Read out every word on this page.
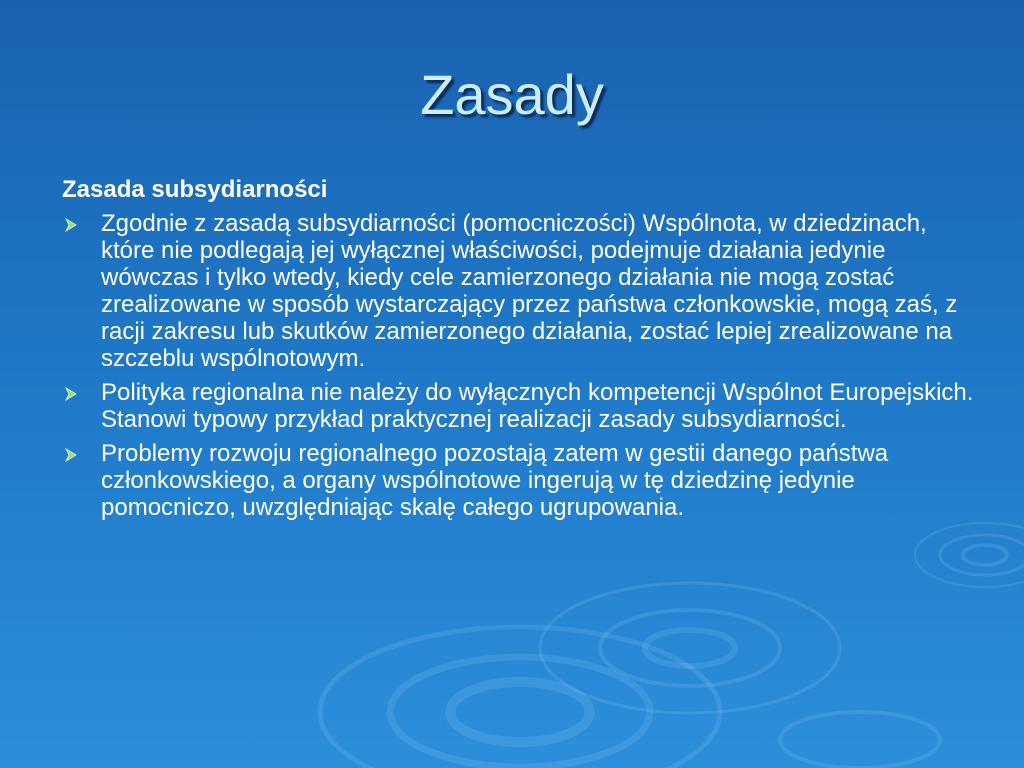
Zasady
Zasada subsydiarności
Zgodnie z zasadą subsydiarności (pomocniczości) Wspólnota, w dziedzinach, które nie podlegają jej wyłącznej właściwości, podejmuje działania jedynie wówczas i tylko wtedy, kiedy cele zamierzonego działania nie mogą zostać zrealizowane w sposób wystarczający przez państwa członkowskie, mogą zaś, z racji zakresu lub skutków zamierzonego działania, zostać lepiej zrealizowane na szczeblu wspólnotowym.
Polityka regionalna nie należy do wyłącznych kompetencji Wspólnot Europejskich. Stanowi typowy przykład praktycznej realizacji zasady subsydiarności.
Problemy rozwoju regionalnego pozostają zatem w gestii danego państwa członkowskiego, a organy wspólnotowe ingerują w tę dziedzinę jedynie pomocniczo, uwzględniając skalę całego ugrupowania.
